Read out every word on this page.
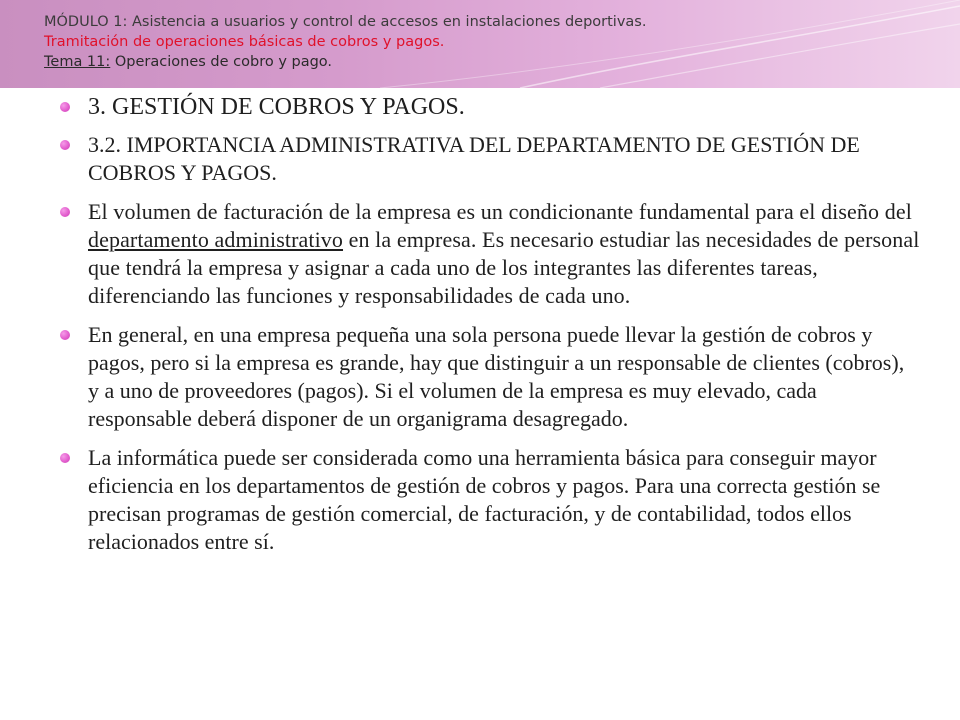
MÓDULO 1: Asistencia a usuarios y control de accesos en instalaciones deportivas.
Tramitación de operaciones básicas de cobros y pagos.
Tema 11: Operaciones de cobro y pago.
3. GESTIÓN DE COBROS Y PAGOS.
3.2. IMPORTANCIA ADMINISTRATIVA DEL DEPARTAMENTO DE GESTIÓN DE COBROS Y PAGOS.
El volumen de facturación de la empresa es un condicionante fundamental para el diseño del departamento administrativo en la empresa. Es necesario estudiar las necesidades de personal que tendrá la empresa y asignar a cada uno de los integrantes las diferentes tareas, diferenciando las funciones y responsabilidades de cada uno.
En general, en una empresa pequeña una sola persona puede llevar la gestión de cobros y pagos, pero si la empresa es grande, hay que distinguir a un responsable de clientes (cobros), y a uno de proveedores (pagos). Si el volumen de la empresa es muy elevado, cada responsable deberá disponer de un organigrama desagregado.
La informática puede ser considerada como una herramienta básica para conseguir mayor eficiencia en los departamentos de gestión de cobros y pagos. Para una correcta gestión se precisan programas de gestión comercial, de facturación, y de contabilidad, todos ellos relacionados entre sí.
